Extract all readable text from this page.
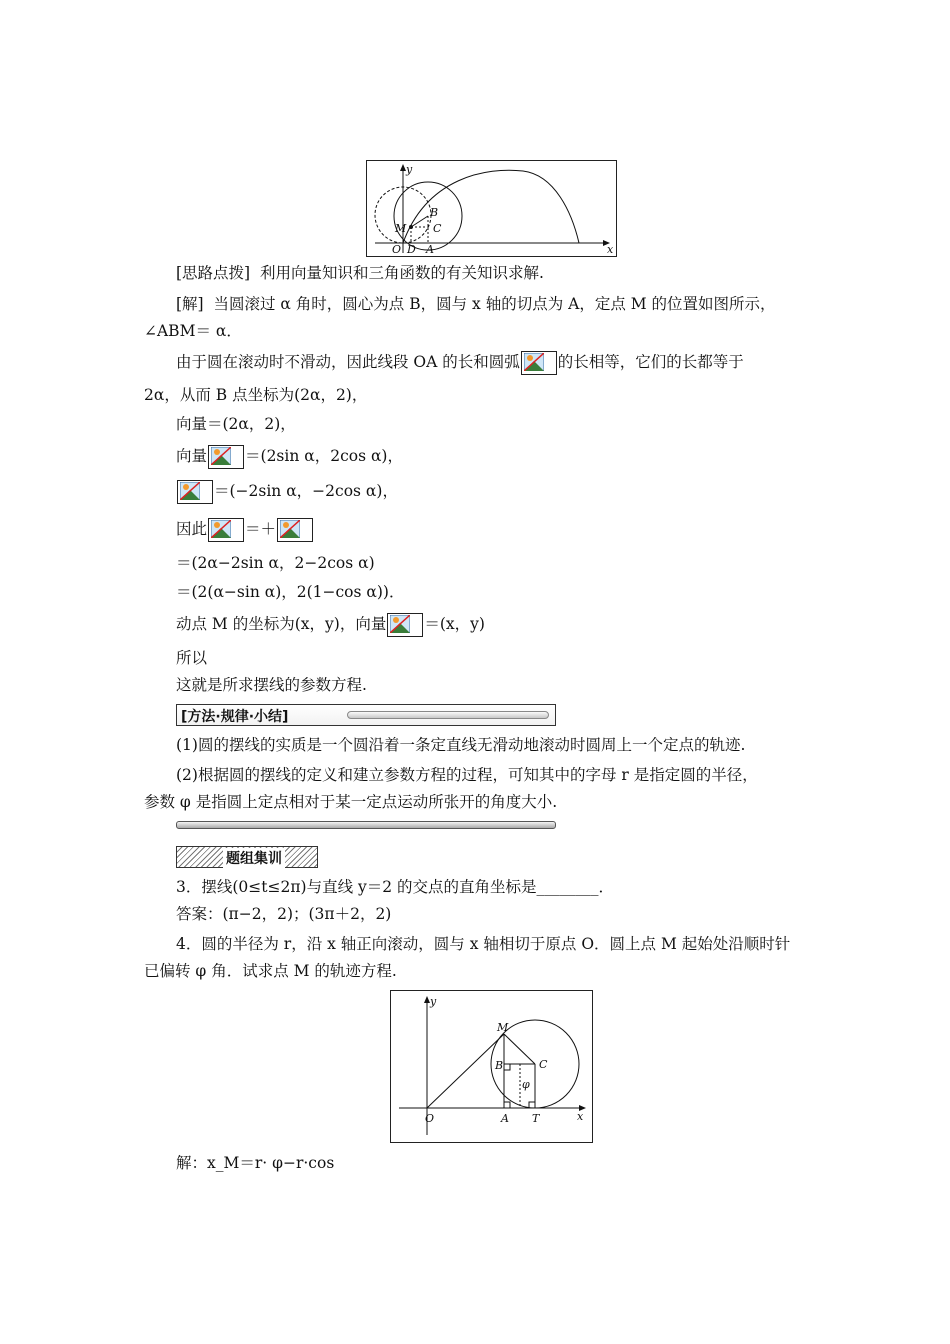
y
x
M
B
C
O D A
[思路点拨] 利用向量知识和三角函数的有关知识求解.
[解] 当圆滚过 α 角时，圆心为点 B，圆与 x 轴的切点为 A，定点 M 的位置如图所示，
∠ABM＝ α．
由于圆在滚动时不滑动，因此线段 OA 的长和圆弧 的长相等，它们的长都等于
2α，从而 B 点坐标为(2α，2)，
向量＝(2α，2)，
向量 ＝(2sin α，2cos α)，
＝(−2sin α，−2cos α)，
因此 ＝＋
＝(2α−2sin α，2−2cos α)
＝(2(α−sin α)，2(1−cos α))．
动点 M 的坐标为(x，y)，向量 ＝(x，y)
所以
这就是所求摆线的参数方程.
[方法·规律·小结]
(1)圆的摆线的实质是一个圆沿着一条定直线无滑动地滚动时圆周上一个定点的轨迹.
(2)根据圆的摆线的定义和建立参数方程的过程，可知其中的字母 r 是指定圆的半径，
参数 φ 是指圆上定点相对于某一定点运动所张开的角度大小.
题组集训
3．摆线(0≤t≤2π)与直线 y＝2 的交点的直角坐标是________．
答案：(π−2，2)；(3π＋2，2)
4．圆的半径为 r，沿 x 轴正向滚动，圆与 x 轴相切于原点 O．圆上点 M 起始处沿顺时针
已偏转 φ 角．试求点 M 的轨迹方程.
y
x
M
B	C
φ
O	A T
解：x_M＝r· φ−r·cos
